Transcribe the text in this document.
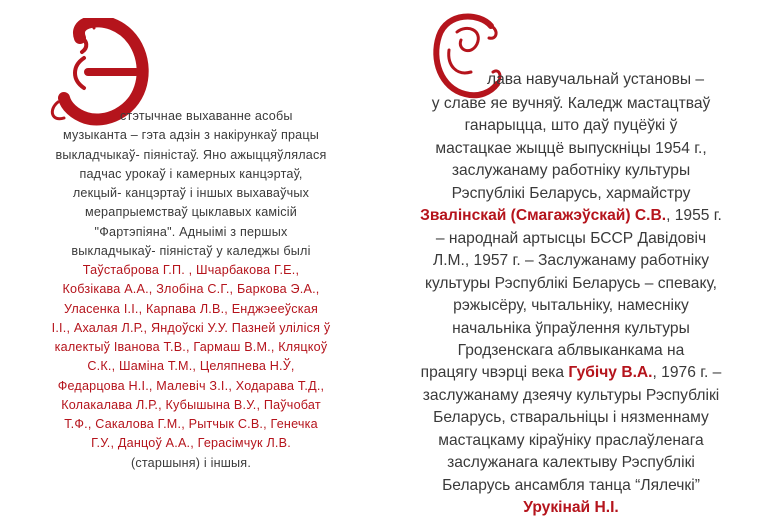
стэтычнае выхаванне асобы
музыканта – гэта адзін з накірункаў працы
выкладчыкаў- піяністаў. Яно ажыццяўлялася
падчас урокаў і камерных канцэртаў,
лекцый- канцэртаў і іншых выхаваўчых
мерапрыемстваў цыклавых камісій
"Фартэпіяна". Адныімі з першых
выкладчыкаў- піяністаў у каледжы былі
Таўстаброва Г.П. , Шчарбакова Г.Е.,
Кобзікава А.А., Злобіна С.Г., Баркова Э.А.,
Уласенка І.І., Карпава Л.В., Енджэееўская
І.І., Ахалая Л.Р., Яндоўскі У.У. Пазней уліліся ў
калектыў Іванова Т.В., Гармаш В.М., Кляцкоў
С.К., Шаміна Т.М., Целяпнева Н.Ў,
Федарцова Н.І., Малевіч З.І., Ходарава Т.Д.,
Колакалава Л.Р., Кубышына В.У., Паўчобат
Т.Ф., Сакалова Г.М., Рытчык С.В., Генечка
Г.У., Данцоў А.А., Герасімчук Л.В.
(старшыня) і іншыя.
лава навучальнай установы –
у славе яе вучняў. Каледж мастацтваў
ганарыцца, што даў пуцёўкі ў
мастацкае жыццё выпускніцы 1954 г.,
заслужанаму работніку культуры
Рэспублікі Беларусь, хармайстру
Звалінскай (Смагажэўскай) С.В., 1955 г.
– народнай артысцы БССР Давідовіч
Л.М., 1957 г. – Заслужанаму работніку
культуры Рэспублікі Беларусь – спеваку,
рэжысёру, чытальніку, намесніку
начальніка ўпраўлення культуры
Гродзенскага аблвыканкама на
працягу чвэрці века Губічу В.А., 1976 г. –
заслужанаму дзеячу культуры Рэспублікі
Беларусь, стваральніцы і нязменнаму
мастацкаму кіраўніку праслаўленага
заслужанага калектыву Рэспублікі
Беларусь ансамбля танца “Лялечкі”
Урукінай Н.І.
